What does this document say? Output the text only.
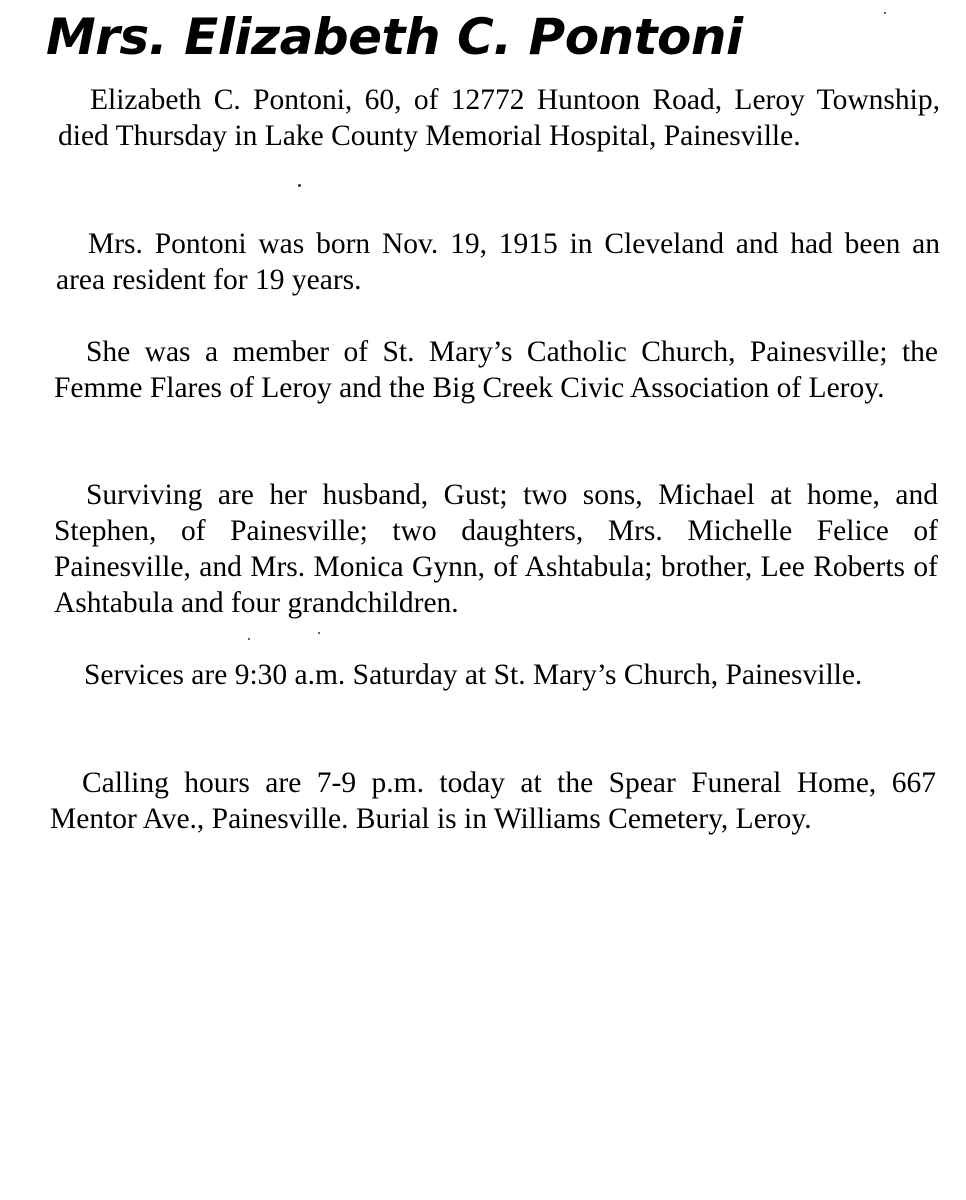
Mrs. Elizabeth C. Pontoni

Elizabeth C. Pontoni, 60, of 12772 Huntoon Road, Leroy Township, died Thursday in Lake County Memorial Hospital, Painesville.

Mrs. Pontoni was born Nov. 19, 1915 in Cleveland and had been an area resident for 19 years.

She was a member of St. Mary’s Catholic Church, Painesville; the Femme Flares of Leroy and the Big Creek Civic Association of Leroy.

Surviving are her husband, Gust; two sons, Michael at home, and Stephen, of Painesville; two daughters, Mrs. Michelle Felice of Painesville, and Mrs. Monica Gynn, of Ashtabula; brother, Lee Roberts of Ashtabula and four grandchildren.

Services are 9:30 a.m. Saturday at St. Mary’s Church, Painesville.

Calling hours are 7-9 p.m. today at the Spear Funeral Home, 667 Mentor Ave., Painesville. Burial is in Williams Cemetery, Leroy.
